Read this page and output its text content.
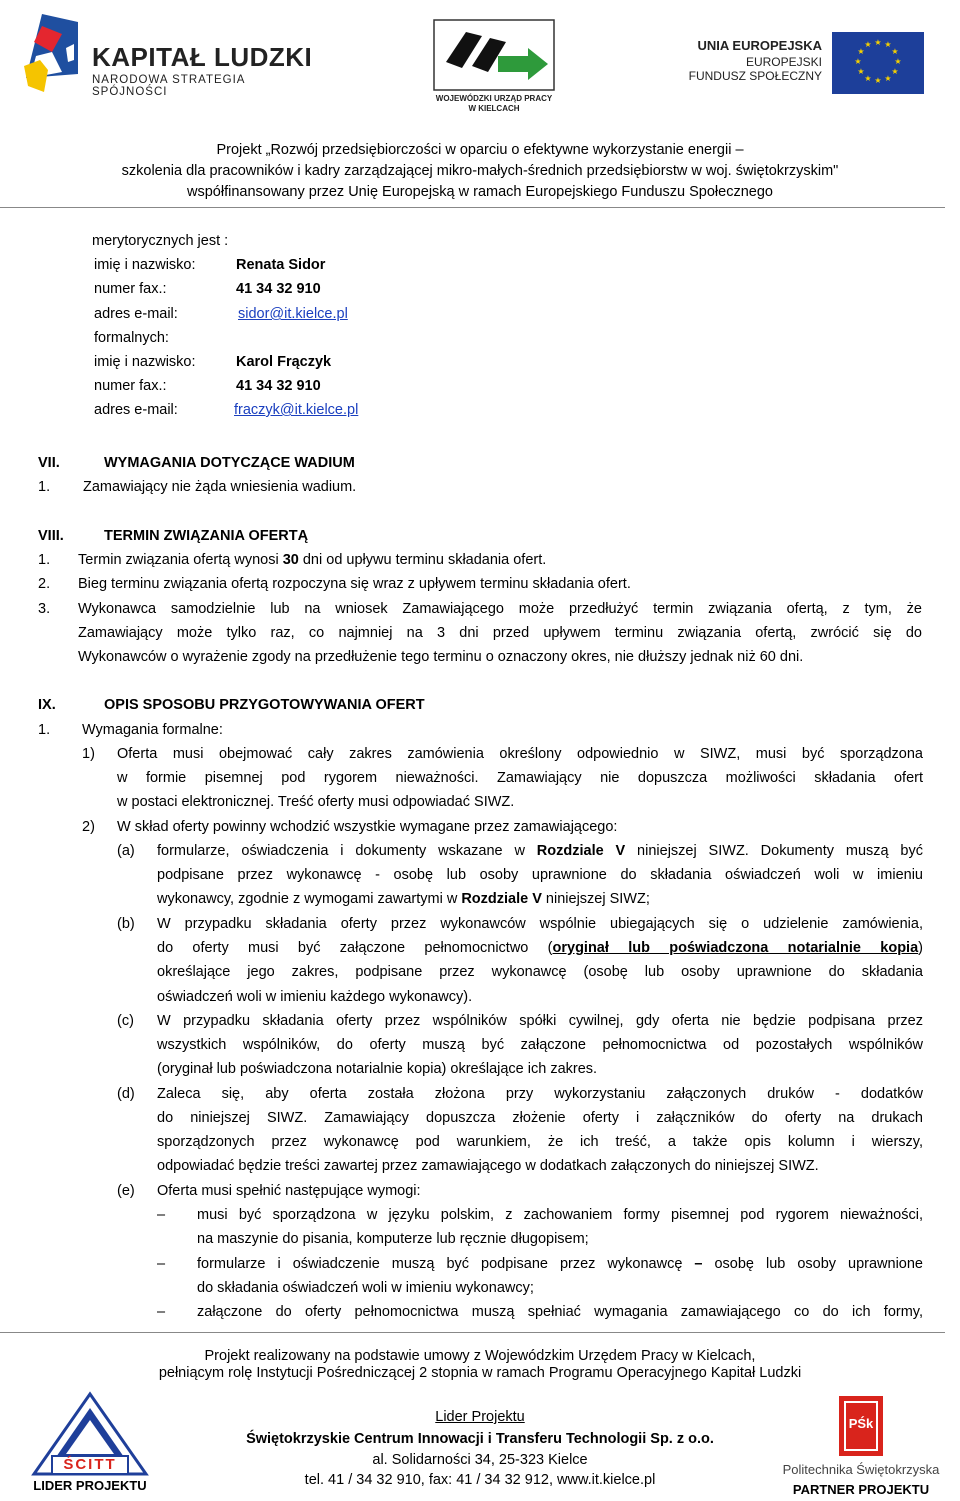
KAPITAŁ LUDZKI
NARODOWA STRATEGIA SPÓJNOŚCI
WOJEWÓDZKI URZĄD PRACY
W KIELCACH
UNIA EUROPEJSKA
EUROPEJSKI
FUNDUSZ SPOŁECZNY
★ ★
★
★
★
★
★
★
★
★
★
★
Projekt „Rozwój przedsiębiorczości w oparciu o efektywne wykorzystanie energii –
szkolenia dla pracowników i kadry zarządzającej mikro-małych-średnich przedsiębiorstw w woj. świętokrzyskim"
współfinansowany przez Unię Europejską w ramach Europejskiego Funduszu Społecznego
merytorycznych jest :
imię i nazwisko:	Renata Sidor
numer fax.:	41 34 32 910
adres e-mail:	sidor@it.kielce.pl
formalnych:
imię i nazwisko:	Karol Frączyk
numer fax.:	41 34 32 910
adres e-mail:	fraczyk@it.kielce.pl
VII.	WYMAGANIA DOTYCZĄCE WADIUM
1. Zamawiający nie żąda wniesienia wadium.
VIII.	TERMIN ZWIĄZANIA OFERTĄ
1. Termin związania ofertą wynosi 30 dni od upływu terminu składania ofert.
2. Bieg terminu związania ofertą rozpoczyna się wraz z upływem terminu składania ofert.
3. Wykonawca samodzielnie lub na wniosek Zamawiającego może przedłużyć termin związania ofertą, z tym, że
Zamawiający może tylko raz, co najmniej na 3 dni przed upływem terminu związania ofertą, zwrócić się do
Wykonawców o wyrażenie zgody na przedłużenie tego terminu o oznaczony okres, nie dłuższy jednak niż 60 dni.
IX.	OPIS SPOSOBU PRZYGOTOWYWANIA OFERT
1. Wymagania formalne:
1) Oferta musi obejmować cały zakres zamówienia określony odpowiednio w SIWZ, musi być sporządzona
w formie pisemnej pod rygorem nieważności. Zamawiający nie dopuszcza możliwości składania ofert
w postaci elektronicznej. Treść oferty musi odpowiadać SIWZ.
2) W skład oferty powinny wchodzić wszystkie wymagane przez zamawiającego:
(a) formularze, oświadczenia i dokumenty wskazane w Rozdziale V niniejszej SIWZ. Dokumenty muszą być
podpisane przez wykonawcę - osobę lub osoby uprawnione do składania oświadczeń woli w imieniu
wykonawcy, zgodnie z wymogami zawartymi w Rozdziale V niniejszej SIWZ;
(b) W przypadku składania oferty przez wykonawców wspólnie ubiegających się o udzielenie zamówienia,
do oferty musi być załączone pełnomocnictwo (oryginał lub poświadczona notarialnie kopia)
określające jego zakres, podpisane przez wykonawcę (osobę lub osoby uprawnione do składania
oświadczeń woli w imieniu każdego wykonawcy).
(c) W przypadku składania oferty przez wspólników spółki cywilnej, gdy oferta nie będzie podpisana przez
wszystkich wspólników, do oferty muszą być załączone pełnomocnictwa od pozostałych wspólników
(oryginał lub poświadczona notarialnie kopia) określające ich zakres.
(d) Zaleca się, aby oferta została złożona przy wykorzystaniu załączonych druków - dodatków
do niniejszej SIWZ. Zamawiający dopuszcza złożenie oferty i załączników do oferty na drukach
sporządzonych przez wykonawcę pod warunkiem, że ich treść, a także opis kolumn i wierszy,
odpowiadać będzie treści zawartej przez zamawiającego w dodatkach załączonych do niniejszej SIWZ.
(e) Oferta musi spełnić następujące wymogi:
– musi być sporządzona w języku polskim, z zachowaniem formy pisemnej pod rygorem nieważności,
na maszynie do pisania, komputerze lub ręcznie długopisem;
– formularze i oświadczenie muszą być podpisane przez wykonawcę – osobę lub osoby uprawnione
do składania oświadczeń woli w imieniu wykonawcy;
– załączone do oferty pełnomocnictwa muszą spełniać wymagania zamawiającego co do ich formy,
Projekt realizowany na podstawie umowy z Wojewódzkim Urzędem Pracy w Kielcach,
pełniącym rolę Instytucji Pośredniczącej 2 stopnia w ramach Programu Operacyjnego Kapitał Ludzki
Lider Projektu
Świętokrzyskie Centrum Innowacji i Transferu Technologii Sp. z o.o.
al. Solidarności 34, 25-323 Kielce
tel. 41 / 34 32 910, fax: 41 / 34 32 912, www.it.kielce.pl
ŚCITT
LIDER PROJEKTU
PŚk
Politechnika Świętokrzyska
PARTNER PROJEKTU
